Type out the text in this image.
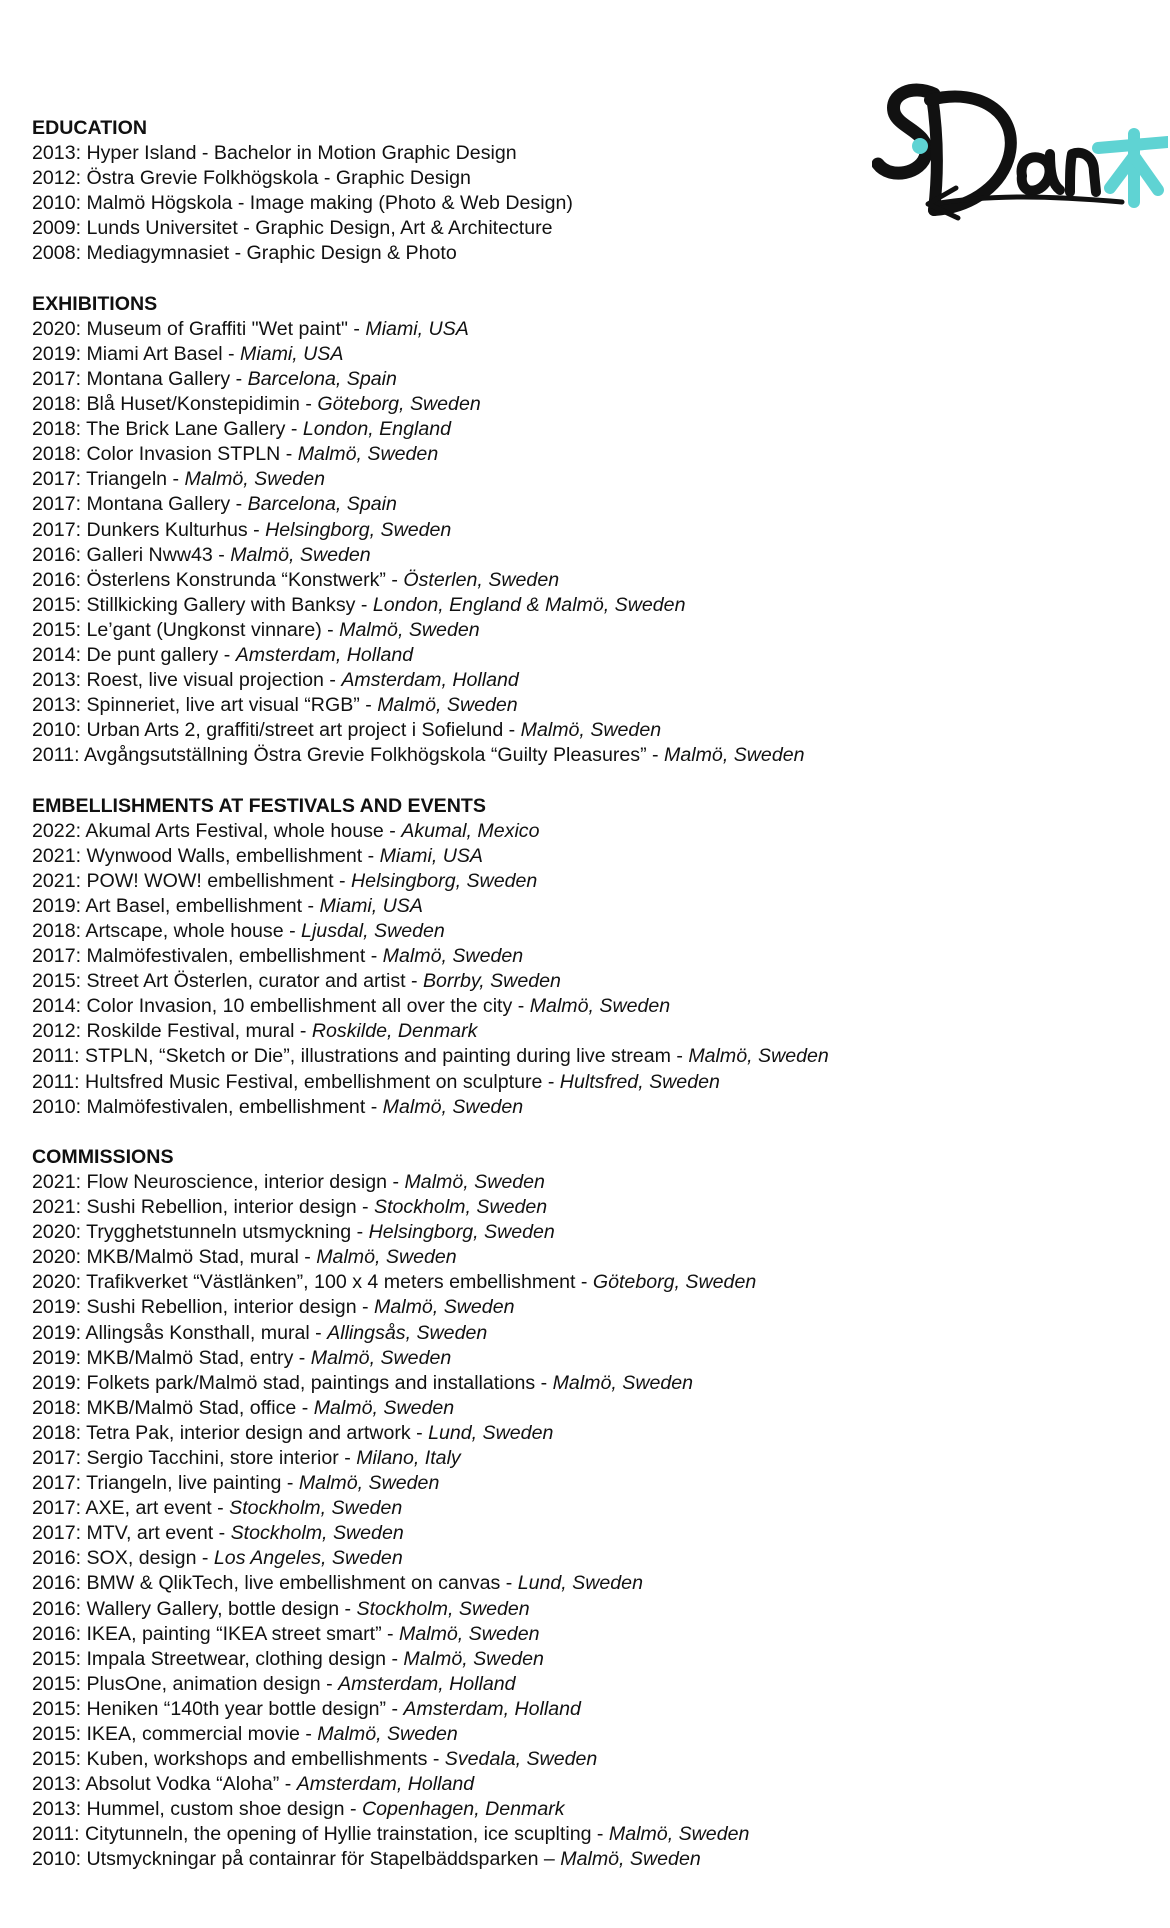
EDUCATION
2013: Hyper Island - Bachelor in Motion Graphic Design
2012: Östra Grevie Folkhögskola - Graphic Design
2010: Malmö Högskola - Image making (Photo & Web Design)
2009: Lunds Universitet - Graphic Design, Art & Architecture
2008: Mediagymnasiet - Graphic Design & Photo
EXHIBITIONS
2020: Museum of Graffiti "Wet paint" - Miami, USA
2019: Miami Art Basel - Miami, USA
2017: Montana Gallery - Barcelona, Spain
2018: Blå Huset/Konstepidimin - Göteborg, Sweden
2018: The Brick Lane Gallery - London, England
2018: Color Invasion STPLN - Malmö, Sweden
2017: Triangeln - Malmö, Sweden
2017: Montana Gallery - Barcelona, Spain
2017: Dunkers Kulturhus - Helsingborg, Sweden
2016: Galleri Nww43 - Malmö, Sweden
2016: Österlens Konstrunda “Konstwerk” - Österlen, Sweden
2015: Stillkicking Gallery with Banksy - London, England & Malmö, Sweden
2015: Le’gant (Ungkonst vinnare) - Malmö, Sweden
2014: De punt gallery - Amsterdam, Holland
2013: Roest, live visual projection - Amsterdam, Holland
2013: Spinneriet, live art visual “RGB” - Malmö, Sweden
2010: Urban Arts 2, graffiti/street art project i Sofielund - Malmö, Sweden
2011: Avgångsutställning Östra Grevie Folkhögskola “Guilty Pleasures” - Malmö, Sweden
EMBELLISHMENTS AT FESTIVALS AND EVENTS
2022: Akumal Arts Festival, whole house - Akumal, Mexico
2021: Wynwood Walls, embellishment - Miami, USA
2021: POW! WOW! embellishment - Helsingborg, Sweden
2019: Art Basel, embellishment - Miami, USA
2018: Artscape, whole house - Ljusdal, Sweden
2017: Malmöfestivalen, embellishment - Malmö, Sweden
2015: Street Art Österlen, curator and artist - Borrby, Sweden
2014: Color Invasion, 10 embellishment all over the city - Malmö, Sweden
2012: Roskilde Festival, mural - Roskilde, Denmark
2011: STPLN, “Sketch or Die”, illustrations and painting during live stream - Malmö, Sweden
2011: Hultsfred Music Festival, embellishment on sculpture - Hultsfred, Sweden
2010: Malmöfestivalen, embellishment - Malmö, Sweden
COMMISSIONS
2021: Flow Neuroscience, interior design - Malmö, Sweden
2021: Sushi Rebellion, interior design - Stockholm, Sweden
2020: Trygghetstunneln utsmyckning - Helsingborg, Sweden
2020: MKB/Malmö Stad, mural - Malmö, Sweden
2020: Trafikverket “Västlänken”, 100 x 4 meters embellishment - Göteborg, Sweden
2019: Sushi Rebellion, interior design - Malmö, Sweden
2019: Allingsås Konsthall, mural - Allingsås, Sweden
2019: MKB/Malmö Stad, entry - Malmö, Sweden
2019: Folkets park/Malmö stad, paintings and installations - Malmö, Sweden
2018: MKB/Malmö Stad, office - Malmö, Sweden
2018: Tetra Pak, interior design and artwork - Lund, Sweden
2017: Sergio Tacchini, store interior - Milano, Italy
2017: Triangeln, live painting - Malmö, Sweden
2017: AXE, art event - Stockholm, Sweden
2017: MTV, art event - Stockholm, Sweden
2016: SOX, design - Los Angeles, Sweden
2016: BMW & QlikTech, live embellishment on canvas - Lund, Sweden
2016: Wallery Gallery, bottle design - Stockholm, Sweden
2016: IKEA, painting “IKEA street smart” - Malmö, Sweden
2015: Impala Streetwear, clothing design - Malmö, Sweden
2015: PlusOne, animation design - Amsterdam, Holland
2015: Heniken “140th year bottle design” - Amsterdam, Holland
2015: IKEA, commercial movie - Malmö, Sweden
2015: Kuben, workshops and embellishments - Svedala, Sweden
2013: Absolut Vodka “Aloha” - Amsterdam, Holland
2013: Hummel, custom shoe design - Copenhagen, Denmark
2011: Citytunneln, the opening of Hyllie trainstation, ice scuplting - Malmö, Sweden
2010: Utsmyckningar på containrar för Stapelbäddsparken – Malmö, Sweden
